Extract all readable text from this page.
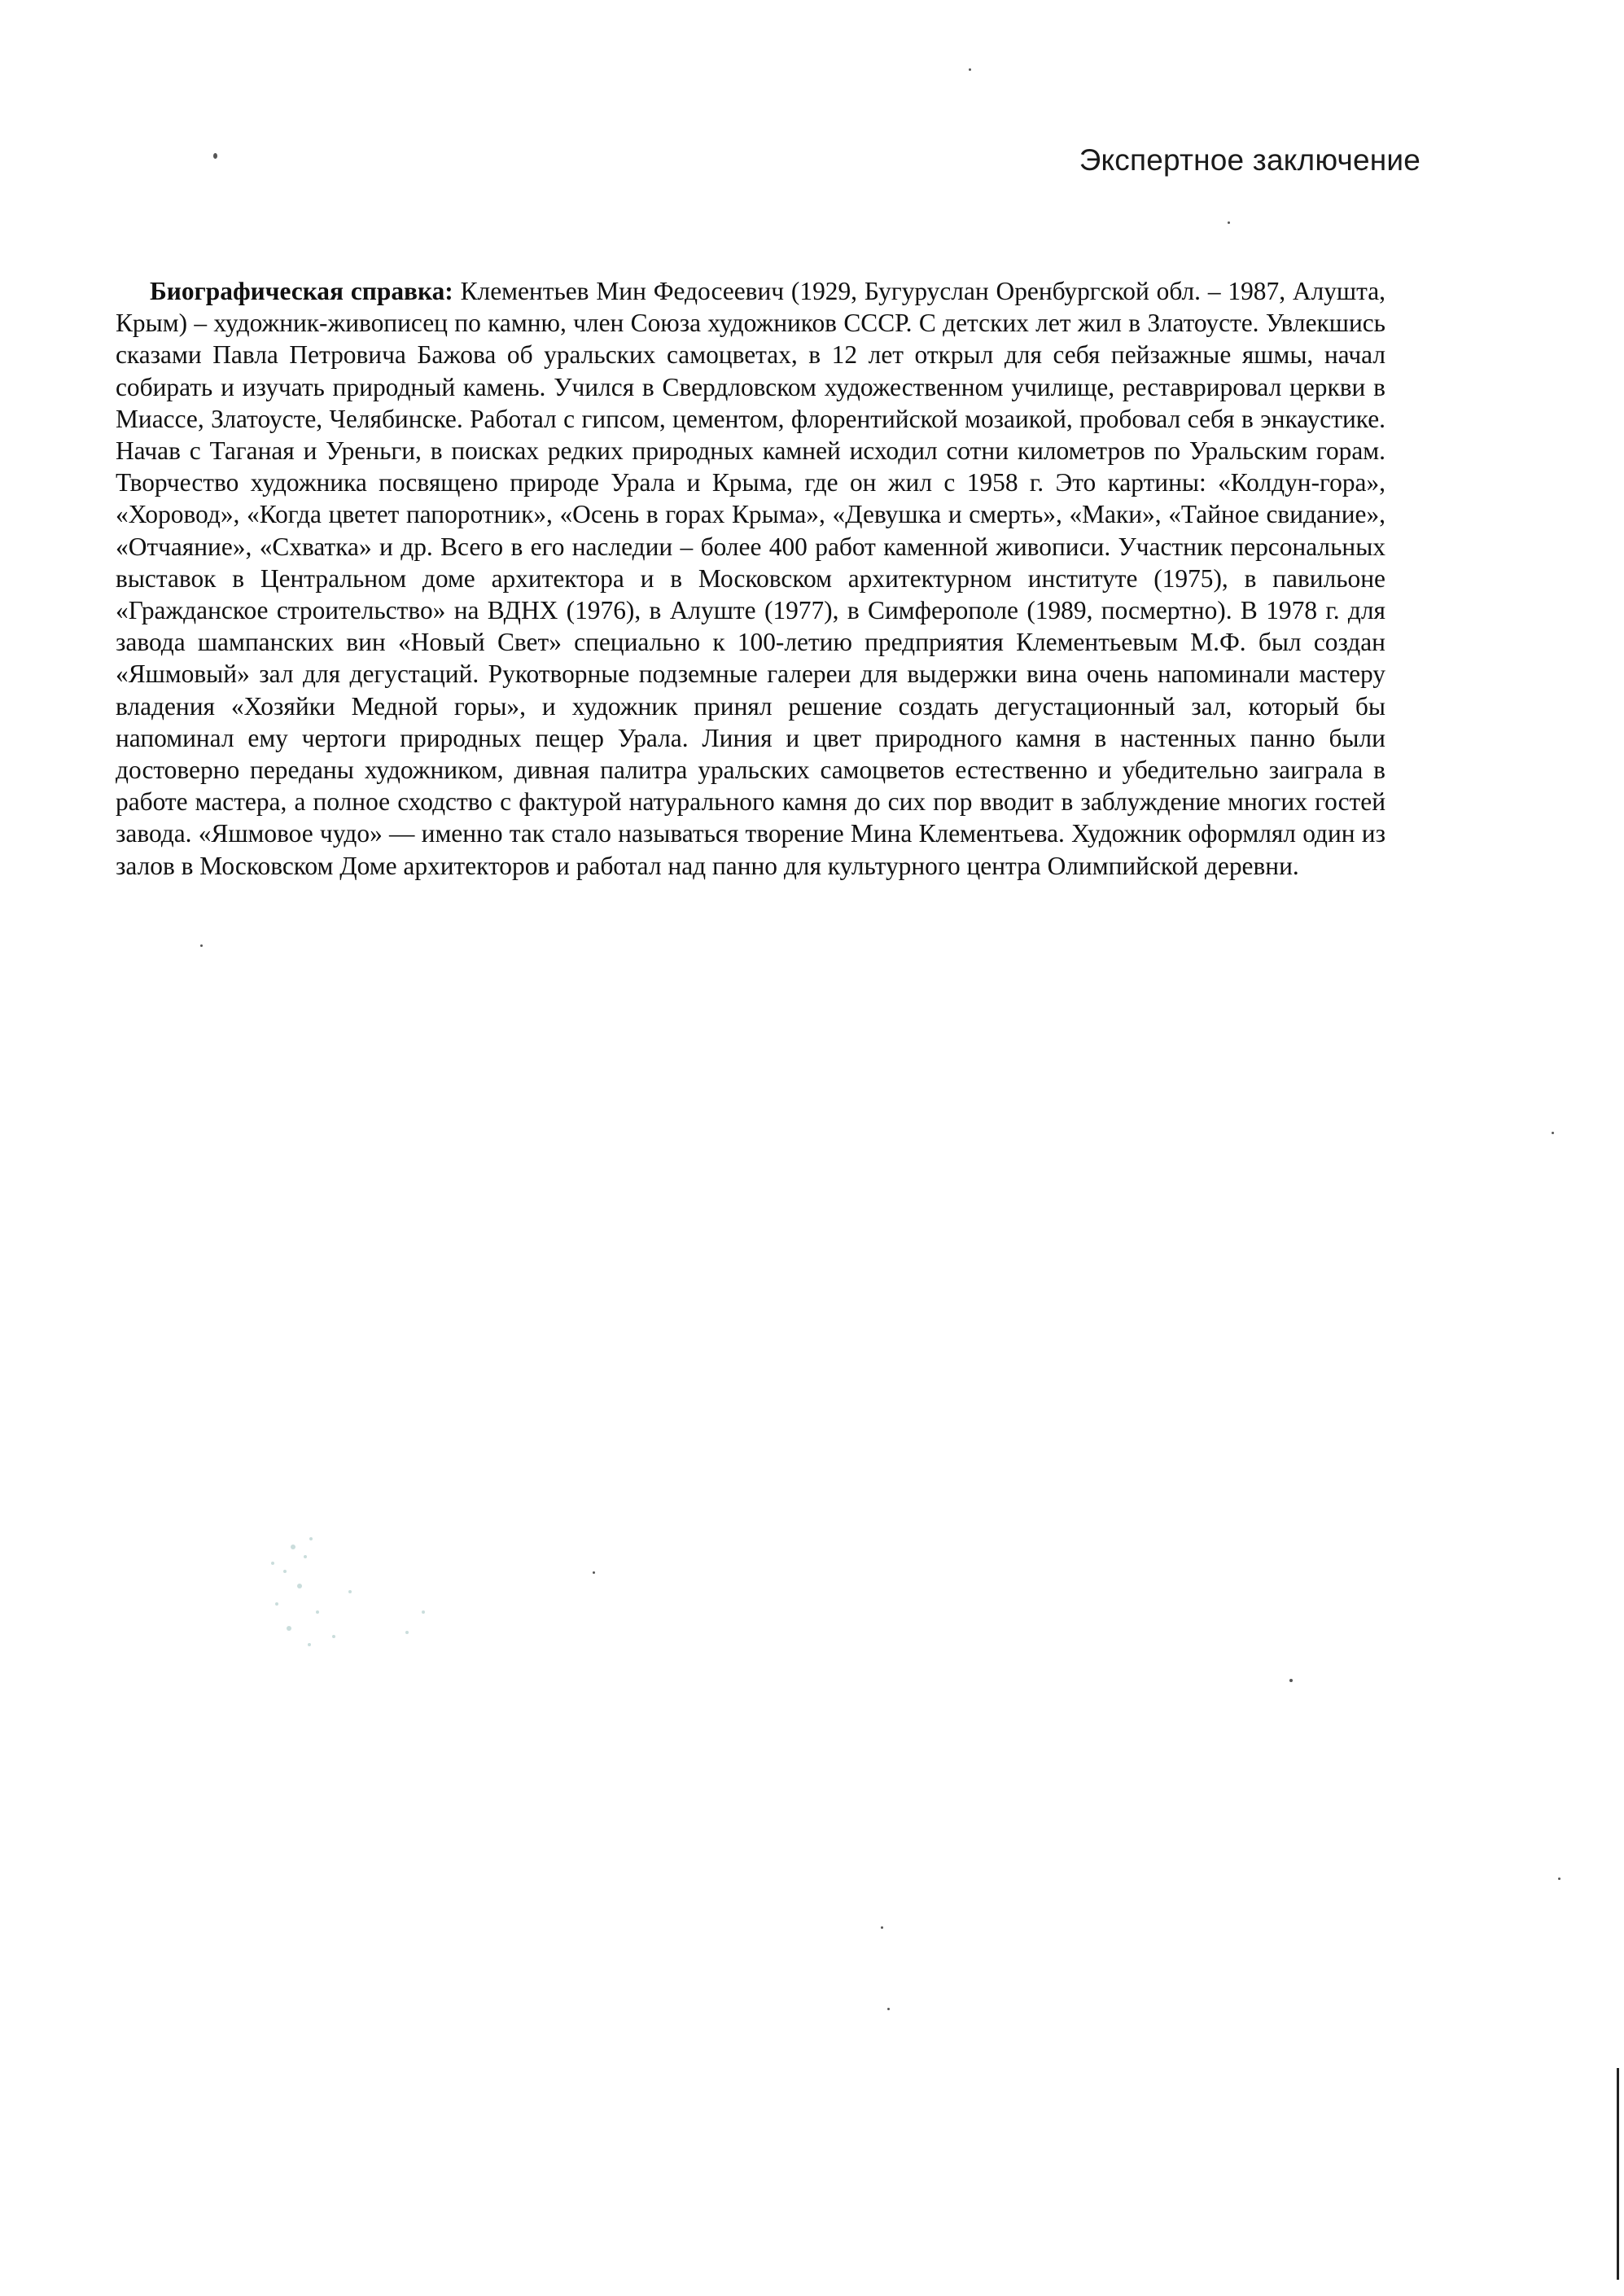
Экспертное заключение

Биографическая справка: Клементьев Мин Федосеевич (1929, Бугуруслан Оренбургской обл. – 1987, Алушта, Крым) – художник-живописец по камню, член Союза художников СССР. С детских лет жил в Златоусте. Увлекшись сказами Павла Петровича Бажова об уральских самоцветах, в 12 лет открыл для себя пейзажные яшмы, начал собирать и изучать природный камень. Учился в Свердловском художественном училище, реставрировал церкви в Миассе, Златоусте, Челябинске. Работал с гипсом, цементом, флорентийской мозаикой, пробовал себя в энкаустике. Начав с Таганая и Уреньги, в поисках редких природных камней исходил сотни километров по Уральским горам. Творчество художника посвящено природе Урала и Крыма, где он жил с 1958 г. Это картины: «Колдун-гора», «Хоровод», «Когда цветет папоротник», «Осень в горах Крыма», «Девушка и смерть», «Маки», «Тайное свидание», «Отчаяние», «Схватка» и др. Всего в его наследии – более 400 работ каменной живописи. Участник персональных выставок в Центральном доме архитектора и в Московском архитектурном институте (1975), в павильоне «Гражданское строительство» на ВДНХ (1976), в Алуште (1977), в Симферополе (1989, посмертно). В 1978 г. для завода шампанских вин «Новый Свет» специально к 100-летию предприятия Клементьевым М.Ф. был создан «Яшмовый» зал для дегустаций. Рукотворные подземные галереи для выдержки вина очень напоминали мастеру владения «Хозяйки Медной горы», и художник принял решение создать дегустационный зал, который бы напоминал ему чертоги природных пещер Урала. Линия и цвет природного камня в настенных панно были достоверно переданы художником, дивная палитра уральских самоцветов естественно и убедительно заиграла в работе мастера, а полное сходство с фактурой натурального камня до сих пор вводит в заблуждение многих гостей завода. «Яшмовое чудо» — именно так стало называться творение Мина Клементьева. Художник оформлял один из залов в Московском Доме архитекторов и работал над панно для культурного центра Олимпийской деревни.
